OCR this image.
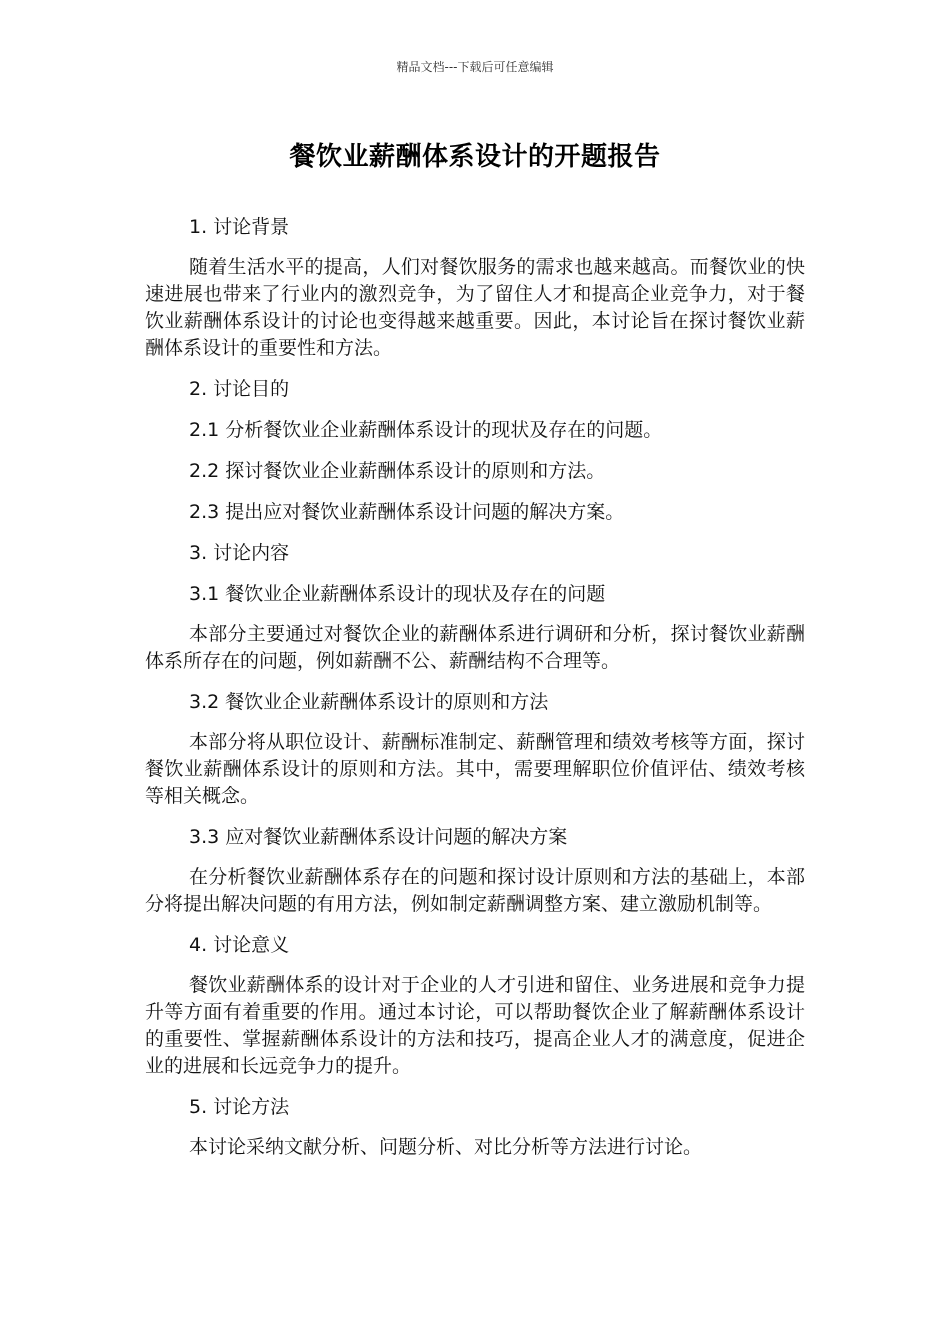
精品文档---下载后可任意编辑
餐饮业薪酬体系设计的开题报告

1. 讨论背景

随着生活水平的提高，人们对餐饮服务的需求也越来越高。而餐饮业的快速进展也带来了行业内的激烈竞争，为了留住人才和提高企业竞争力，对于餐饮业薪酬体系设计的讨论也变得越来越重要。因此，本讨论旨在探讨餐饮业薪酬体系设计的重要性和方法。

2. 讨论目的

2.1 分析餐饮业企业薪酬体系设计的现状及存在的问题。

2.2 探讨餐饮业企业薪酬体系设计的原则和方法。

2.3 提出应对餐饮业薪酬体系设计问题的解决方案。

3. 讨论内容

3.1 餐饮业企业薪酬体系设计的现状及存在的问题

本部分主要通过对餐饮企业的薪酬体系进行调研和分析，探讨餐饮业薪酬体系所存在的问题，例如薪酬不公、薪酬结构不合理等。

3.2 餐饮业企业薪酬体系设计的原则和方法

本部分将从职位设计、薪酬标准制定、薪酬管理和绩效考核等方面，探讨餐饮业薪酬体系设计的原则和方法。其中，需要理解职位价值评估、绩效考核等相关概念。

3.3 应对餐饮业薪酬体系设计问题的解决方案

在分析餐饮业薪酬体系存在的问题和探讨设计原则和方法的基础上，本部分将提出解决问题的有用方法，例如制定薪酬调整方案、建立激励机制等。

4. 讨论意义

餐饮业薪酬体系的设计对于企业的人才引进和留住、业务进展和竞争力提升等方面有着重要的作用。通过本讨论，可以帮助餐饮企业了解薪酬体系设计的重要性、掌握薪酬体系设计的方法和技巧，提高企业人才的满意度，促进企业的进展和长远竞争力的提升。

5. 讨论方法

本讨论采纳文献分析、问题分析、对比分析等方法进行讨论。
